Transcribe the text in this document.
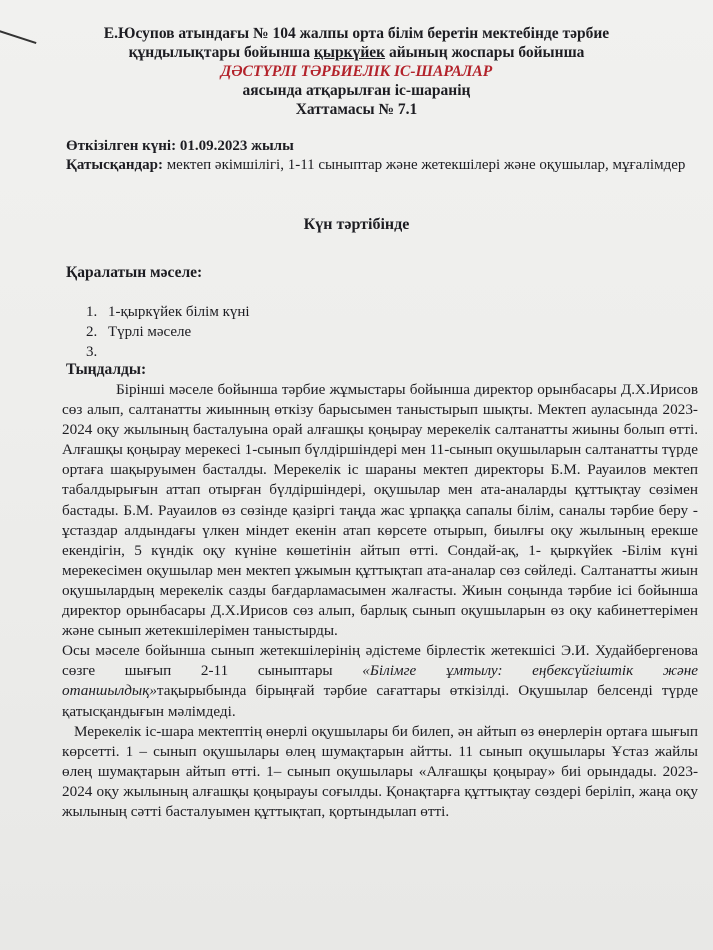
Е.Юсупов атындағы № 104 жалпы орта білім беретін мектебінде тәрбие
құндылықтары бойынша қыркүйек айының жоспары бойынша
ДӘСТҮРЛІ ТӘРБИЕЛІК ІС-ШАРАЛАР
аясында атқарылған іс-шаранің
Хаттамасы № 7.1
Өткізілген күні: 01.09.2023 жылы
Қатысқандар: мектеп әкімшілігі, 1-11 сыныптар және жетекшілері және оқушылар, мұғалімдер
Күн тәртібінде
Қаралатын мәселе:
1. 1-қыркүйек білім күні
2. Түрлі мәселе
3.
Тыңдалды:

Бірінші мәселе бойынша тәрбие жұмыстары бойынша директор орынбасары Д.Х.Ирисов сөз алып, салтанатты жиынның өткізу барысымен таныстырып шықты. Мектеп ауласында 2023-2024 оқу жылының басталуына орай алғашқы қоңырау мерекелік салтанатты жиыны болып өтті. Алғашқы қоңырау мерекесі 1-сынып бүлдіршіндері мен 11-сынып оқушыларын салтанатты түрде ортаға шақыруымен басталды. Мерекелік іс шараны мектеп директоры Б.М. Рауаилов мектеп табалдырығын аттап отырған бүлдіршіндері, оқушылар мен ата-аналарды құттықтау сөзімен бастады. Б.М. Рауаилов өз сөзінде қазіргі таңда жас ұрпаққа сапалы білім, саналы тәрбие беру - ұстаздар алдындағы үлкен міндет екенін атап көрсете отырып, биылғы оқу жылының ерекше екендігін, 5 күндік оқу күніне көшетінін айтып өтті. Сондай-ақ, 1- қыркүйек -Білім күні мерекесімен оқушылар мен мектеп ұжымын құттықтап ата-аналар сөз сөйледі. Салтанатты жиын оқушылардың мерекелік сазды бағдарламасымен жалғасты. Жиын соңында тәрбие ісі бойынша директор орынбасары Д.Х.Ирисов сөз алып, барлық сынып оқушыларын өз оқу кабинеттерімен және сынып жетекшілерімен таныстырды.

Осы мәселе бойынша сынып жетекшілерінің әдістеме бірлестік жетекшісі Э.И. Худайбергенова сөзге шығып 2-11 сыныптары «Білімге ұмтылу: еңбексүйгіштік және отаншылдық»тақырыбында бірыңғай тәрбие сағаттары өткізілді. Оқушылар белсенді түрде қатысқандығын мәлімдеді.

Мерекелік іс-шара мектептің өнерлі оқушылары би билеп, ән айтып өз өнерлерін ортаға шығып көрсетті. 1 – сынып оқушылары өлең шумақтарын айтты. 11 сынып оқушылары Ұстаз жайлы өлең шумақтарын айтып өтті. 1– сынып оқушылары «Алғашқы қоңырау» биі орындады. 2023- 2024 оқу жылының алғашқы қоңырауы соғылды. Қонақтарға құттықтау сөздері беріліп, жаңа оқу жылының сәтті басталуымен құттықтап, қортындылап өтті.
